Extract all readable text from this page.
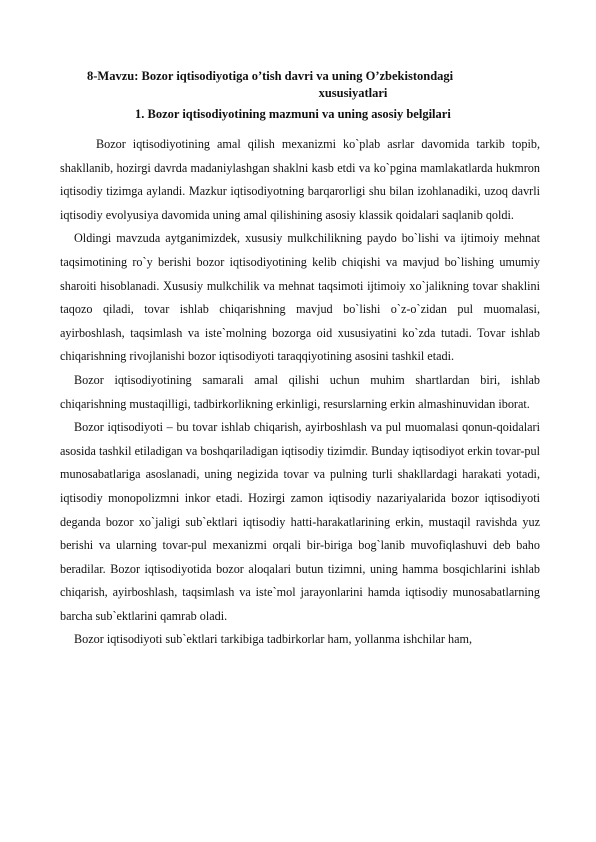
8-Mavzu: Bozor iqtisodiyotiga o’tish davri va uning O’zbekistondagi
xususiyatlari
1. Bozor iqtisodiyotining mazmuni va uning asosiy belgilari

Bozor iqtisodiyotining amal qilish mexanizmi ko`plab asrlar davomida tarkib topib, shakllanib, hozirgi davrda madaniylashgan shaklni kasb etdi va ko`pgina mamlakatlarda hukmron iqtisodiy tizimga aylandi. Mazkur iqtisodiyotning barqarorligi shu bilan izohlanadiki, uzoq davrli iqtisodiy evolyusiya davomida uning amal qilishining asosiy klassik qoidalari saqlanib qoldi.

Oldingi mavzuda aytganimizdek, xususiy mulkchilikning paydo bo`lishi va ijtimoiy mehnat taqsimotining ro`y berishi bozor iqtisodiyotining kelib chiqishi va mavjud bo`lishing umumiy sharoiti hisoblanadi. Xususiy mulkchilik va mehnat taqsimoti ijtimoiy xo`jalikning tovar shaklini taqozo qiladi, tovar ishlab chiqarishning mavjud bo`lishi o`z-o`zidan pul muomalasi, ayirboshlash, taqsimlash va iste`molning bozorga oid xususiyatini ko`zda tutadi. Tovar ishlab chiqarishning rivojlanishi bozor iqtisodiyoti taraqqiyotining asosini tashkil etadi.

Bozor iqtisodiyotining samarali amal qilishi uchun muhim shartlardan biri, ishlab chiqarishning mustaqilligi, tadbirkorlikning erkinligi, resurslarning erkin almashinuvidan iborat.

Bozor iqtisodiyoti – bu tovar ishlab chiqarish, ayirboshlash va pul muomalasi qonun-qoidalari asosida tashkil etiladigan va boshqariladigan iqtisodiy tizimdir. Bunday iqtisodiyot erkin tovar-pul munosabatlariga asoslanadi, uning negizida tovar va pulning turli shakllardagi harakati yotadi, iqtisodiy monopolizmni inkor etadi. Hozirgi zamon iqtisodiy nazariyalarida bozor iqtisodiyoti deganda bozor xo`jaligi sub`ektlari iqtisodiy hatti-harakatlarining erkin, mustaqil ravishda yuz berishi va ularning tovar-pul mexanizmi orqali bir-biriga bog`lanib muvofiqlashuvi deb baho beradilar. Bozor iqtisodiyotida bozor aloqalari butun tizimni, uning hamma bosqichlarini ishlab chiqarish, ayirboshlash, taqsimlash va iste`mol jarayonlarini hamda iqtisodiy munosabatlarning barcha sub`ektlarini qamrab oladi.

Bozor iqtisodiyoti sub`ektlari tarkibiga tadbirkorlar ham, yollanma ishchilar ham,
